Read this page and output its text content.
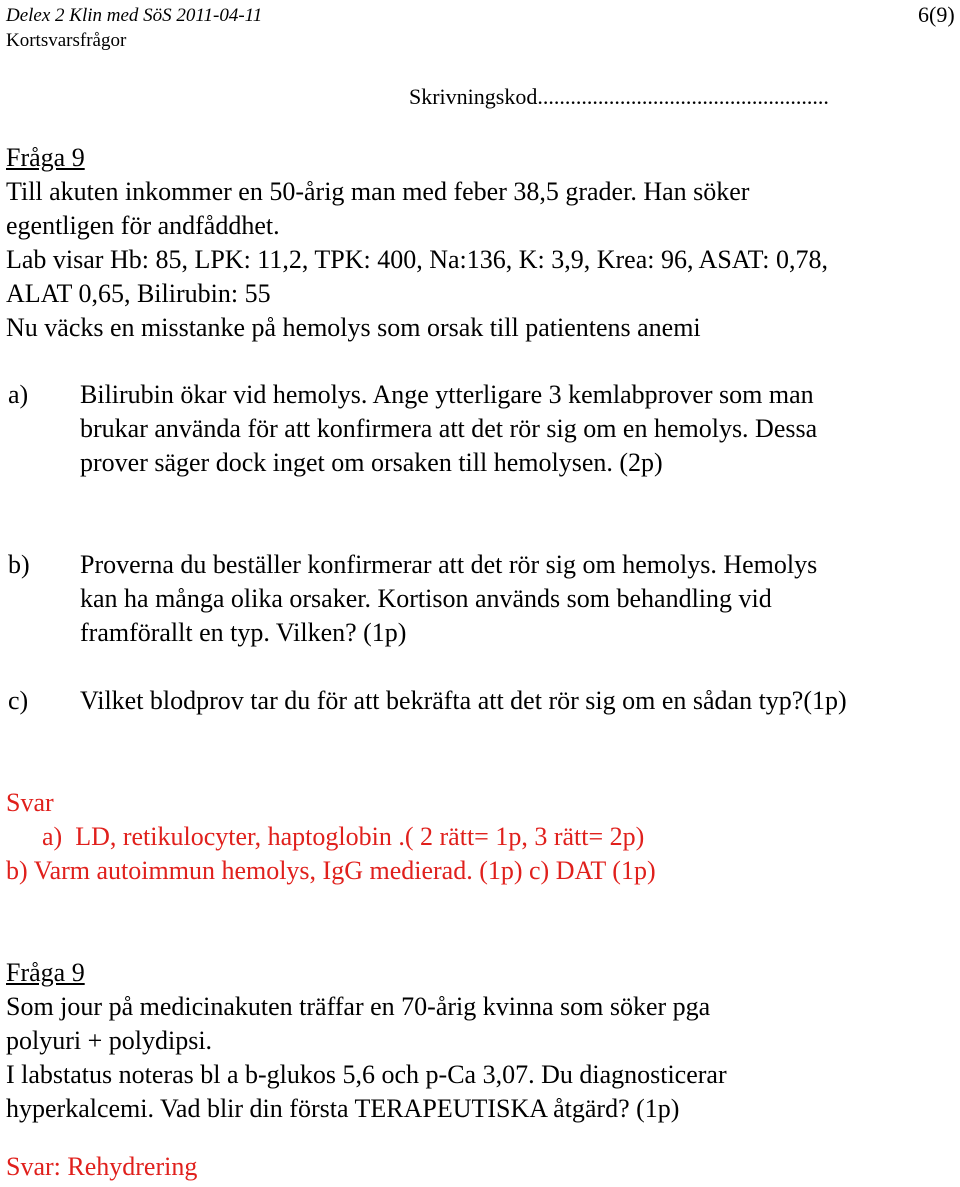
Delex 2 Klin med SöS 2011-04-11
Kortsvarsfrågor
6(9)
Skrivningskod.....................................................
Fråga 9
Till akuten inkommer en 50-årig man med feber 38,5 grader. Han söker
egentligen för andfåddhet.
Lab visar Hb: 85, LPK: 11,2, TPK: 400, Na:136, K: 3,9, Krea: 96, ASAT: 0,78,
ALAT 0,65, Bilirubin: 55
Nu väcks en misstanke på hemolys som orsak till patientens anemi
a) Bilirubin ökar vid hemolys. Ange ytterligare 3 kemlabprover som man
brukar använda för att konfirmera att det rör sig om en hemolys. Dessa
prover säger dock inget om orsaken till hemolysen. (2p)
b) Proverna du beställer konfirmerar att det rör sig om hemolys. Hemolys
kan ha många olika orsaker. Kortison används som behandling vid
framförallt en typ. Vilken? (1p)
c) Vilket blodprov tar du för att bekräfta att det rör sig om en sådan typ?(1p)
Svar
a)  LD, retikulocyter, haptoglobin .( 2 rätt= 1p, 3 rätt= 2p)
b) Varm autoimmun hemolys, IgG medierad. (1p) c) DAT (1p)
Fråga 9
Som jour på medicinakuten träffar en 70-årig kvinna som söker pga
polyuri + polydipsi.
I labstatus noteras bl a b-glukos 5,6 och p-Ca 3,07. Du diagnosticerar
hyperkalcemi. Vad blir din första TERAPEUTISKA åtgärd? (1p)
Svar: Rehydrering
